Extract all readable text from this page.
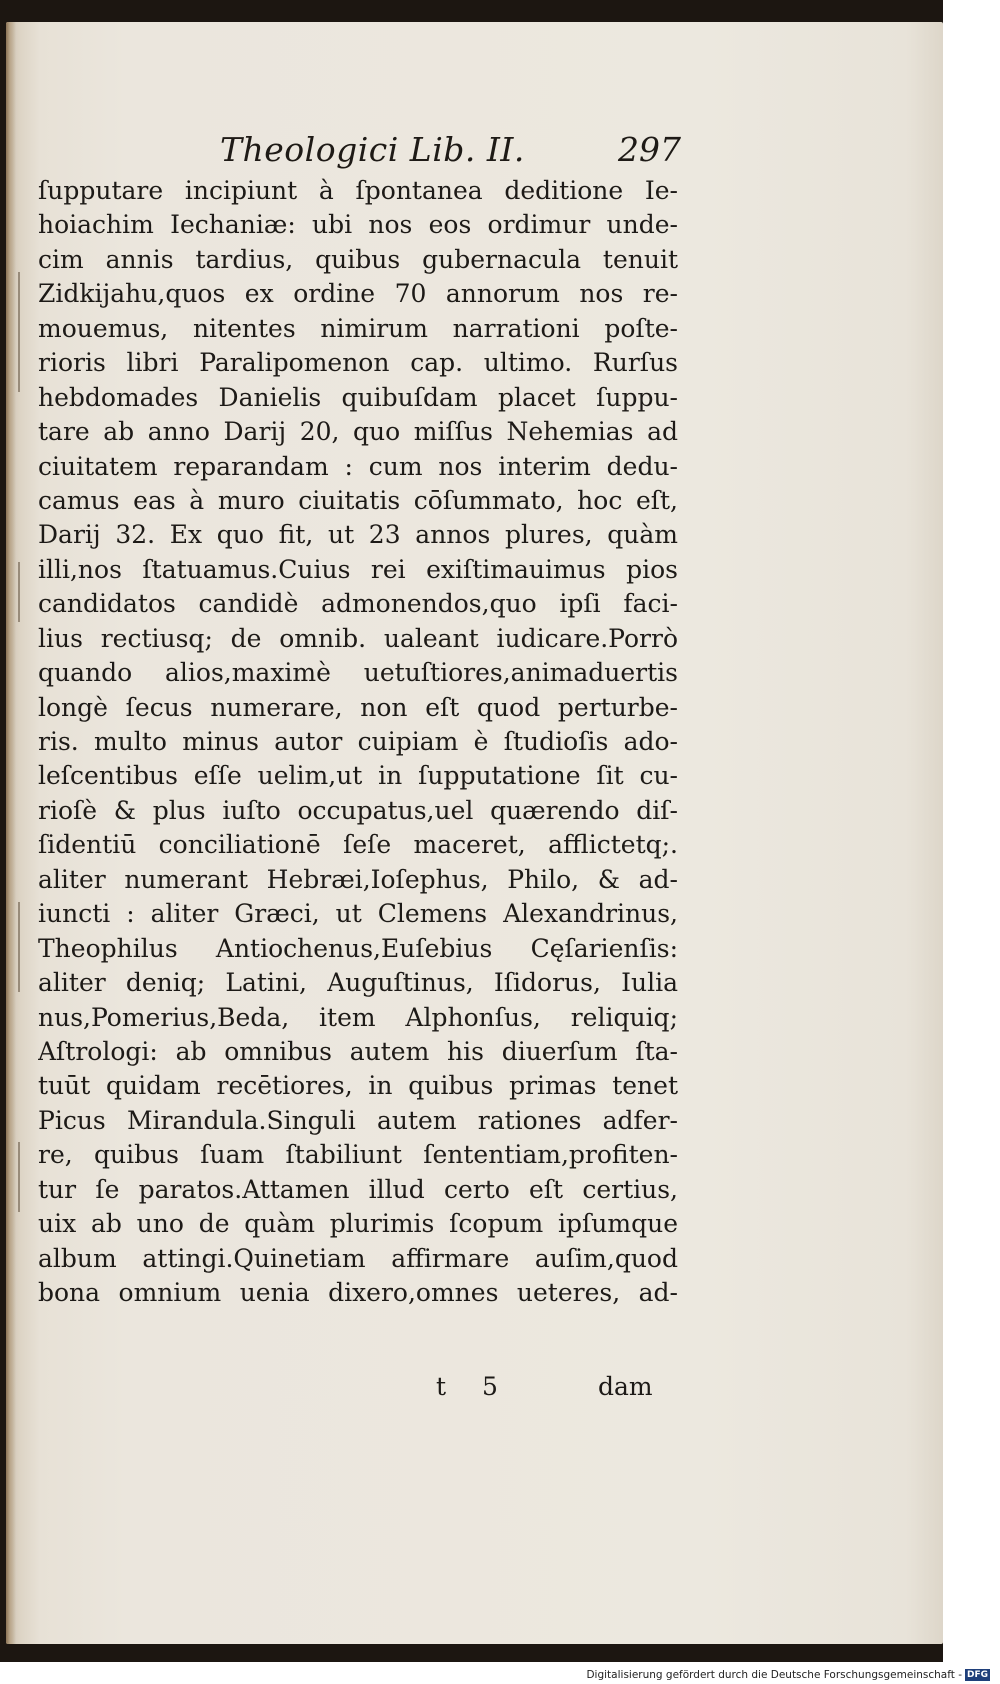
Theologici Lib. II.	297
ſupputare incipiunt à ſpontanea deditione Ie-
hoiachim Iechaniæ: ubi nos eos ordimur unde-
cim annis tardius, quibus gubernacula tenuit
Zidkijahu,quos ex ordine 70 annorum nos re-
mouemus, nitentes nimirum narrationi poſte-
rioris libri Paralipomenon cap. ultimo. Rurſus
hebdomades Danielis quibuſdam placet ſuppu-
tare ab anno Darij 20, quo miſſus Nehemias ad
ciuitatem reparandam : cum nos interim dedu-
camus eas à muro ciuitatis cōſummato, hoc eſt,
Darij 32. Ex quo fit, ut 23 annos plures, quàm
illi,nos ſtatuamus.Cuius rei exiſtimauimus pios
candidatos candidè admonendos,quo ipſi faci-
lius rectiusq; de omnib. ualeant iudicare.Porrò
quando alios,maximè uetuſtiores,animaduertis
longè ſecus numerare, non eſt quod perturbe-
ris. multo minus autor cuipiam è ſtudioſis ado-
leſcentibus eſſe uelim,ut in ſupputatione ſit cu-
rioſè & plus iuſto occupatus,uel quærendo diſ-
ſidentiū conciliationē ſeſe maceret, afflictetq;.
aliter numerant Hebræi,Ioſephus, Philo, & ad-
iuncti : aliter Græci, ut Clemens Alexandrinus,
Theophilus Antiochenus,Euſebius Cęſarienſis:
aliter deniq; Latini, Auguſtinus, Iſidorus, Iulia
nus,Pomerius,Beda, item Alphonſus, reliquiq;
Aſtrologi: ab omnibus autem his diuerſum ſta-
tuūt quidam recētiores, in quibus primas tenet
Picus Mirandula.Singuli autem rationes adfer-
re, quibus ſuam ſtabiliunt ſententiam,profiten-
tur ſe paratos.Attamen illud certo eſt certius,
uix ab uno de quàm plurimis ſcopum ipſumque
album attingi.Quinetiam affirmare auſim,quod
bona omnium uenia dixero,omnes ueteres, ad-
t 5	dam
Digitalisierung gefördert durch die Deutsche Forschungsgemeinschaft - DFG
